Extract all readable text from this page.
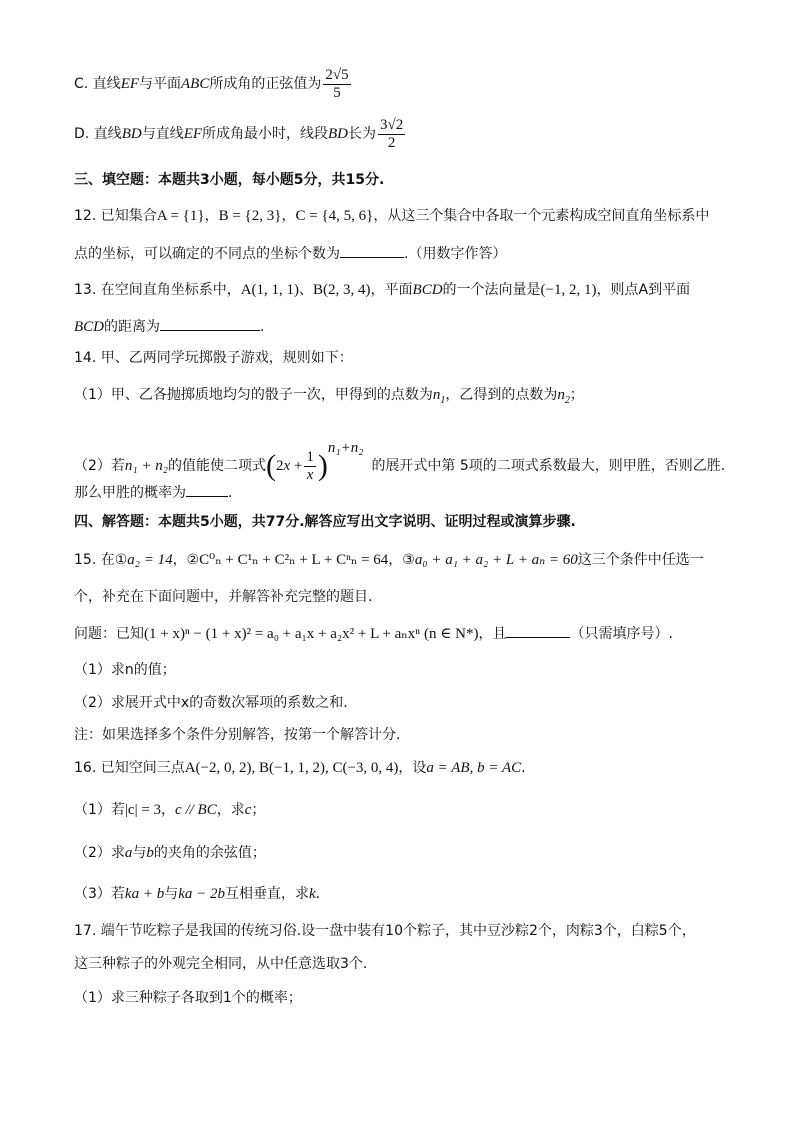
C. 直线EF与平面ABC所成角的正弦值为 $\frac{2√5}{5}$
D. 直线BD与直线EF所成角最小时，线段BD长为 $\frac{3√2}{2}$
三、填空题：本题共3小题，每小题5分，共15分.
12. 已知集合A = {1}，B = {2, 3}，C = {4, 5, 6}，从这三个集合中各取一个元素构成空间直角坐标系中
点的坐标，可以确定的不同点的坐标个数为	.（用数字作答）
13. 在空间直角坐标系中，A(1, 1, 1)、B(2, 3, 4)，平面BCD的一个法向量是(−1, 2, 1)，则点A到平面
BCD的距离为	.
14. 甲、乙两同学玩掷骰子游戏，规则如下：
（1）甲、乙各抛掷质地均匀的骰子一次，甲得到的点数为$n_1$，乙得到的点数为$n_2$；
（2）若n₁ + n₂的值能使二项式$(2x + \frac{1}{x} )^{n_1+n_2}$的展开式中第 5项的二项式系数最大，则甲胜，否则乙胜.
那么甲胜的概率为	.
四、解答题：本题共5小题，共77分.解答应写出文字说明、证明过程或演算步骤.
15. 在①a₂ = 14，②C⁰ₙ + C¹ₙ + C²ₙ + L + Cⁿₙ = 64，③a₀ + a₁ + a₂ + L + aₙ = 60这三个条件中任选一
个，补充在下面问题中，并解答补充完整的题目.
问题：已知(1 + x)ⁿ − (1 + x)² = a₀ + a₁x + a₂x² + L + aₙxⁿ (n ∈ N*)，且	（只需填序号）.
（1）求n的值；
（2）求展开式中x的奇数次幂项的系数之和.
注：如果选择多个条件分别解答，按第一个解答计分.
16. 已知空间三点A(−2, 0, 2), B(−1, 1, 2), C(−3, 0, 4)，设a = AB, b = AC.
（1）若|c| = 3，c // BC，求c；
（2）求a与b的夹角的余弦值；
（3）若ka + b与ka − 2b互相垂直，求k.
17. 端午节吃粽子是我国的传统习俗.设一盘中装有10个粽子，其中豆沙粽2个，肉粽3个，白粽5个，
这三种粽子的外观完全相同，从中任意选取3个.
（1）求三种粽子各取到1个的概率；
